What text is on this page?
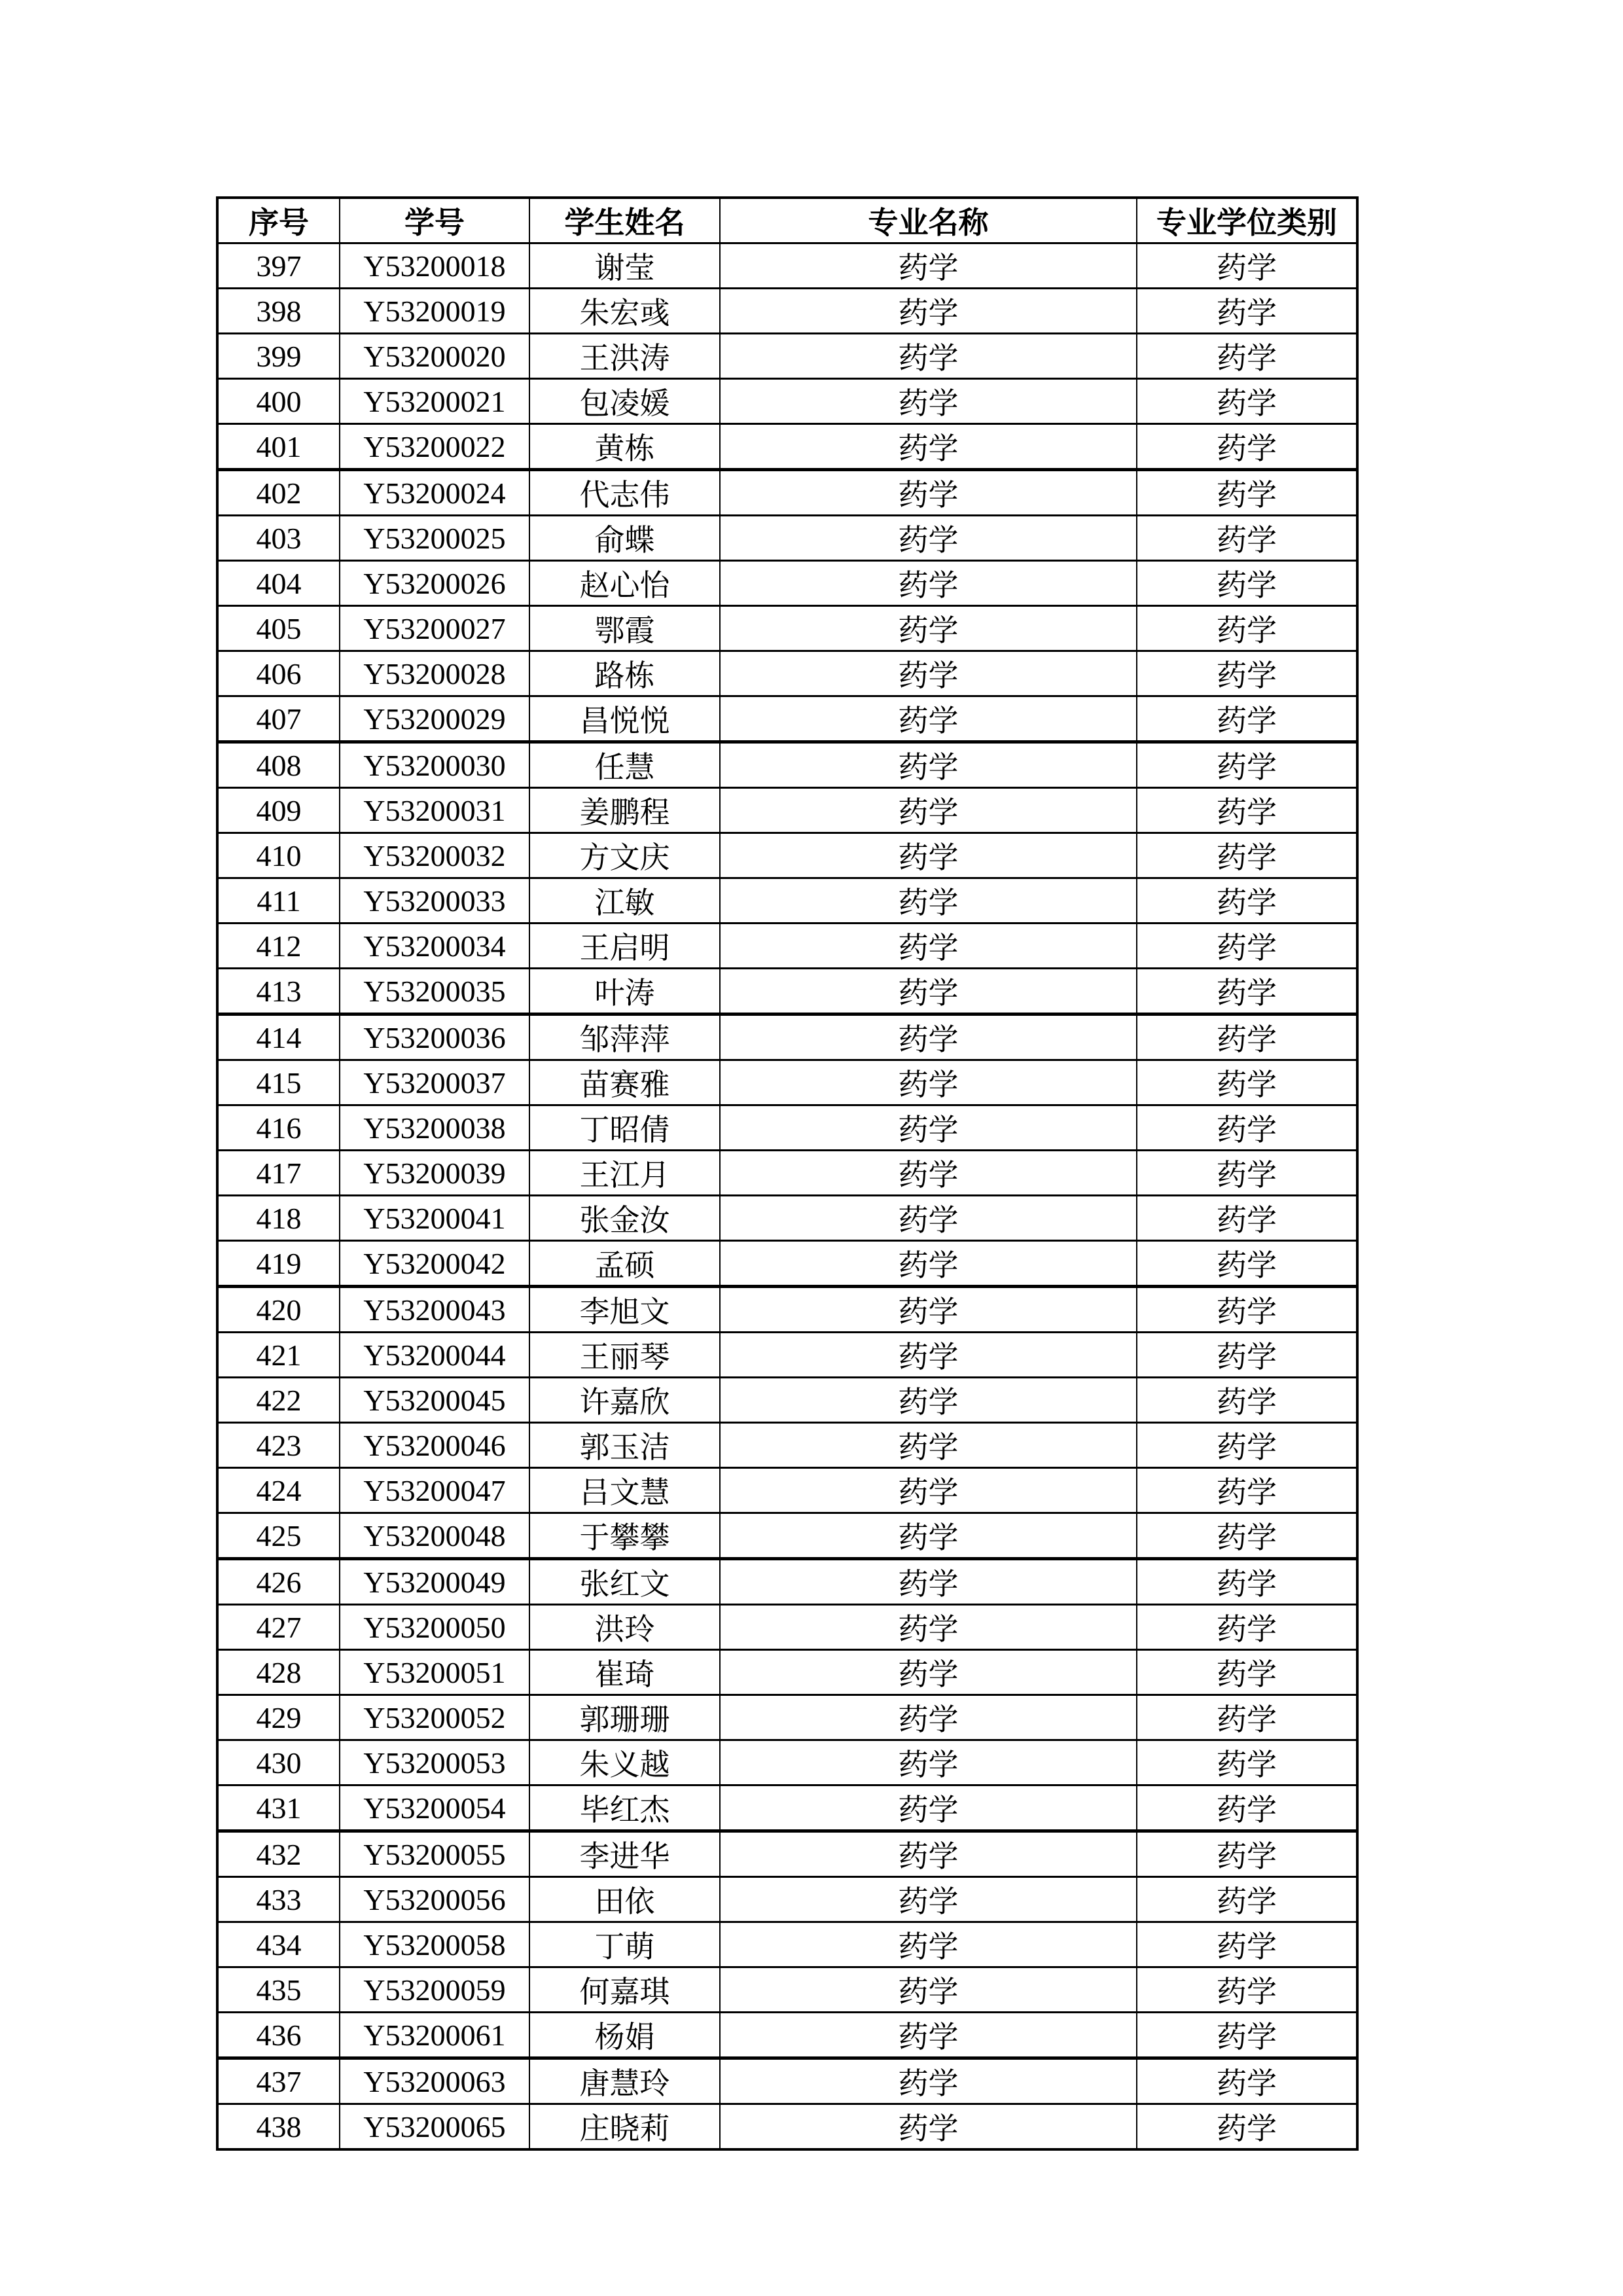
序号	学号	学生姓名	专业名称	专业学位类别
397	Y53200018	谢莹	药学	药学
398	Y53200019	朱宏彧	药学	药学
399	Y53200020	王洪涛	药学	药学
400	Y53200021	包凌媛	药学	药学
401	Y53200022	黄栋	药学	药学
402	Y53200024	代志伟	药学	药学
403	Y53200025	俞蝶	药学	药学
404	Y53200026	赵心怡	药学	药学
405	Y53200027	鄂霞	药学	药学
406	Y53200028	路栋	药学	药学
407	Y53200029	昌悦悦	药学	药学
408	Y53200030	任慧	药学	药学
409	Y53200031	姜鹏程	药学	药学
410	Y53200032	方文庆	药学	药学
411	Y53200033	江敏	药学	药学
412	Y53200034	王启明	药学	药学
413	Y53200035	叶涛	药学	药学
414	Y53200036	邹萍萍	药学	药学
415	Y53200037	苗赛雅	药学	药学
416	Y53200038	丁昭倩	药学	药学
417	Y53200039	王江月	药学	药学
418	Y53200041	张金汝	药学	药学
419	Y53200042	孟硕	药学	药学
420	Y53200043	李旭文	药学	药学
421	Y53200044	王丽琴	药学	药学
422	Y53200045	许嘉欣	药学	药学
423	Y53200046	郭玉洁	药学	药学
424	Y53200047	吕文慧	药学	药学
425	Y53200048	于攀攀	药学	药学
426	Y53200049	张红文	药学	药学
427	Y53200050	洪玲	药学	药学
428	Y53200051	崔琦	药学	药学
429	Y53200052	郭珊珊	药学	药学
430	Y53200053	朱义越	药学	药学
431	Y53200054	毕红杰	药学	药学
432	Y53200055	李进华	药学	药学
433	Y53200056	田依	药学	药学
434	Y53200058	丁萌	药学	药学
435	Y53200059	何嘉琪	药学	药学
436	Y53200061	杨娟	药学	药学
437	Y53200063	唐慧玲	药学	药学
438	Y53200065	庄晓莉	药学	药学
